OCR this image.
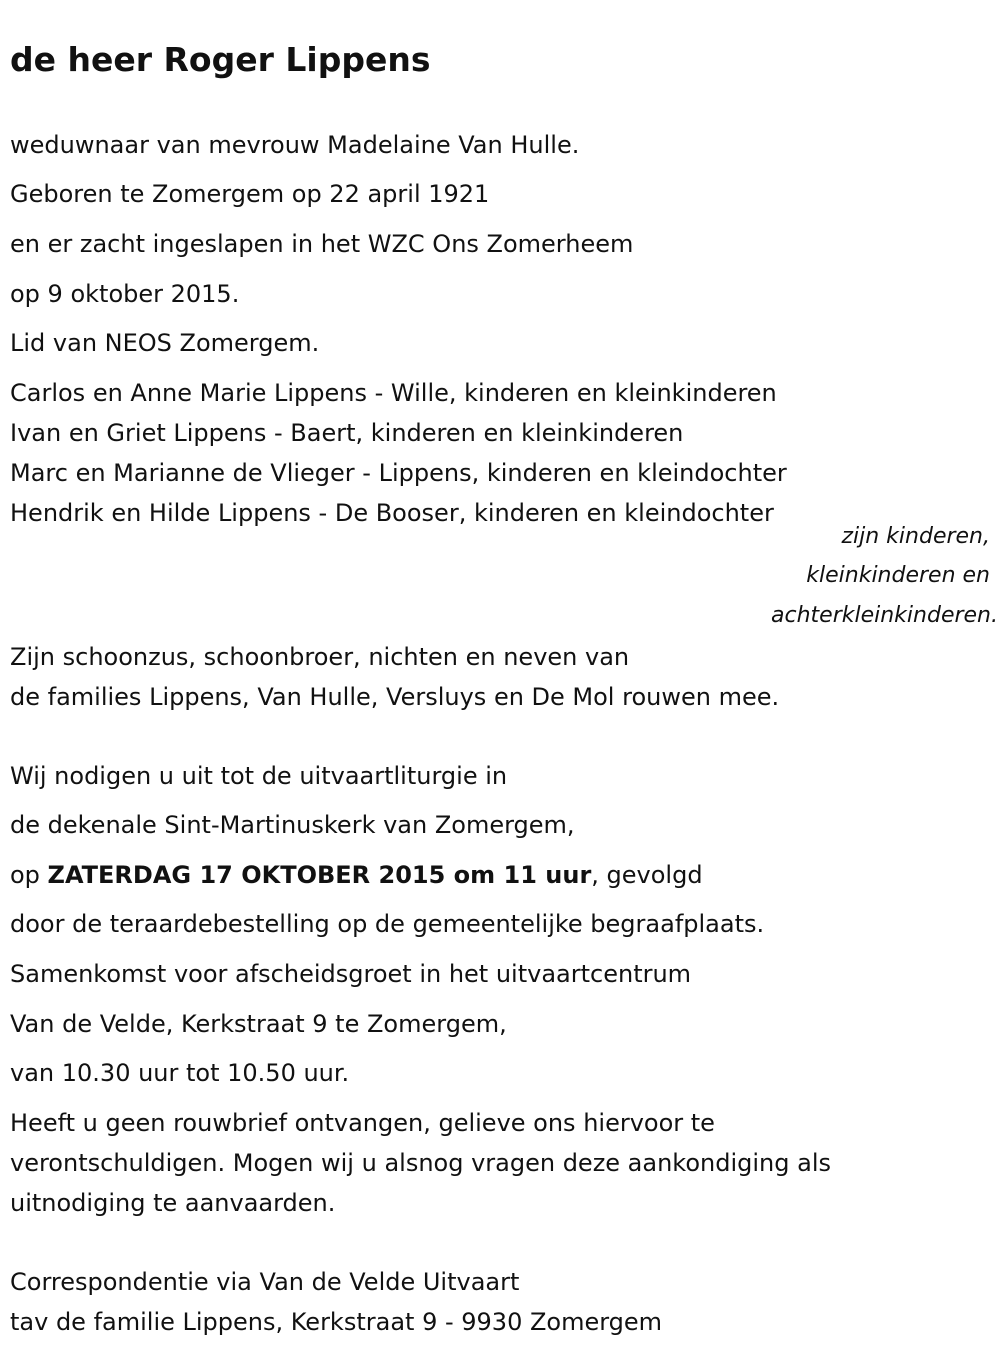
de heer Roger Lippens
weduwnaar van mevrouw Madelaine Van Hulle.
Geboren te Zomergem op 22 april 1921
en er zacht ingeslapen in het WZC Ons Zomerheem
op 9 oktober 2015.
Lid van NEOS Zomergem.
Carlos en Anne Marie Lippens - Wille, kinderen en kleinkinderen
Ivan en Griet Lippens - Baert, kinderen en kleinkinderen
Marc en Marianne de Vlieger - Lippens, kinderen en kleindochter
Hendrik en Hilde Lippens - De Booser, kinderen en kleindochter
zijn kinderen,
kleinkinderen en
achterkleinkinderen.
Zijn schoonzus, schoonbroer, nichten en neven van
de families Lippens, Van Hulle, Versluys en De Mol rouwen mee.
Wij nodigen u uit tot de uitvaartliturgie in
de dekenale Sint-Martinuskerk van Zomergem,
op ZATERDAG 17 OKTOBER 2015 om 11 uur, gevolgd
door de teraardebestelling op de gemeentelijke begraafplaats.
Samenkomst voor afscheidsgroet in het uitvaartcentrum
Van de Velde, Kerkstraat 9 te Zomergem,
van 10.30 uur tot 10.50 uur.
Heeft u geen rouwbrief ontvangen, gelieve ons hiervoor te
verontschuldigen. Mogen wij u alsnog vragen deze aankondiging als
uitnodiging te aanvaarden.
Correspondentie via Van de Velde Uitvaart
tav de familie Lippens, Kerkstraat 9 - 9930 Zomergem
